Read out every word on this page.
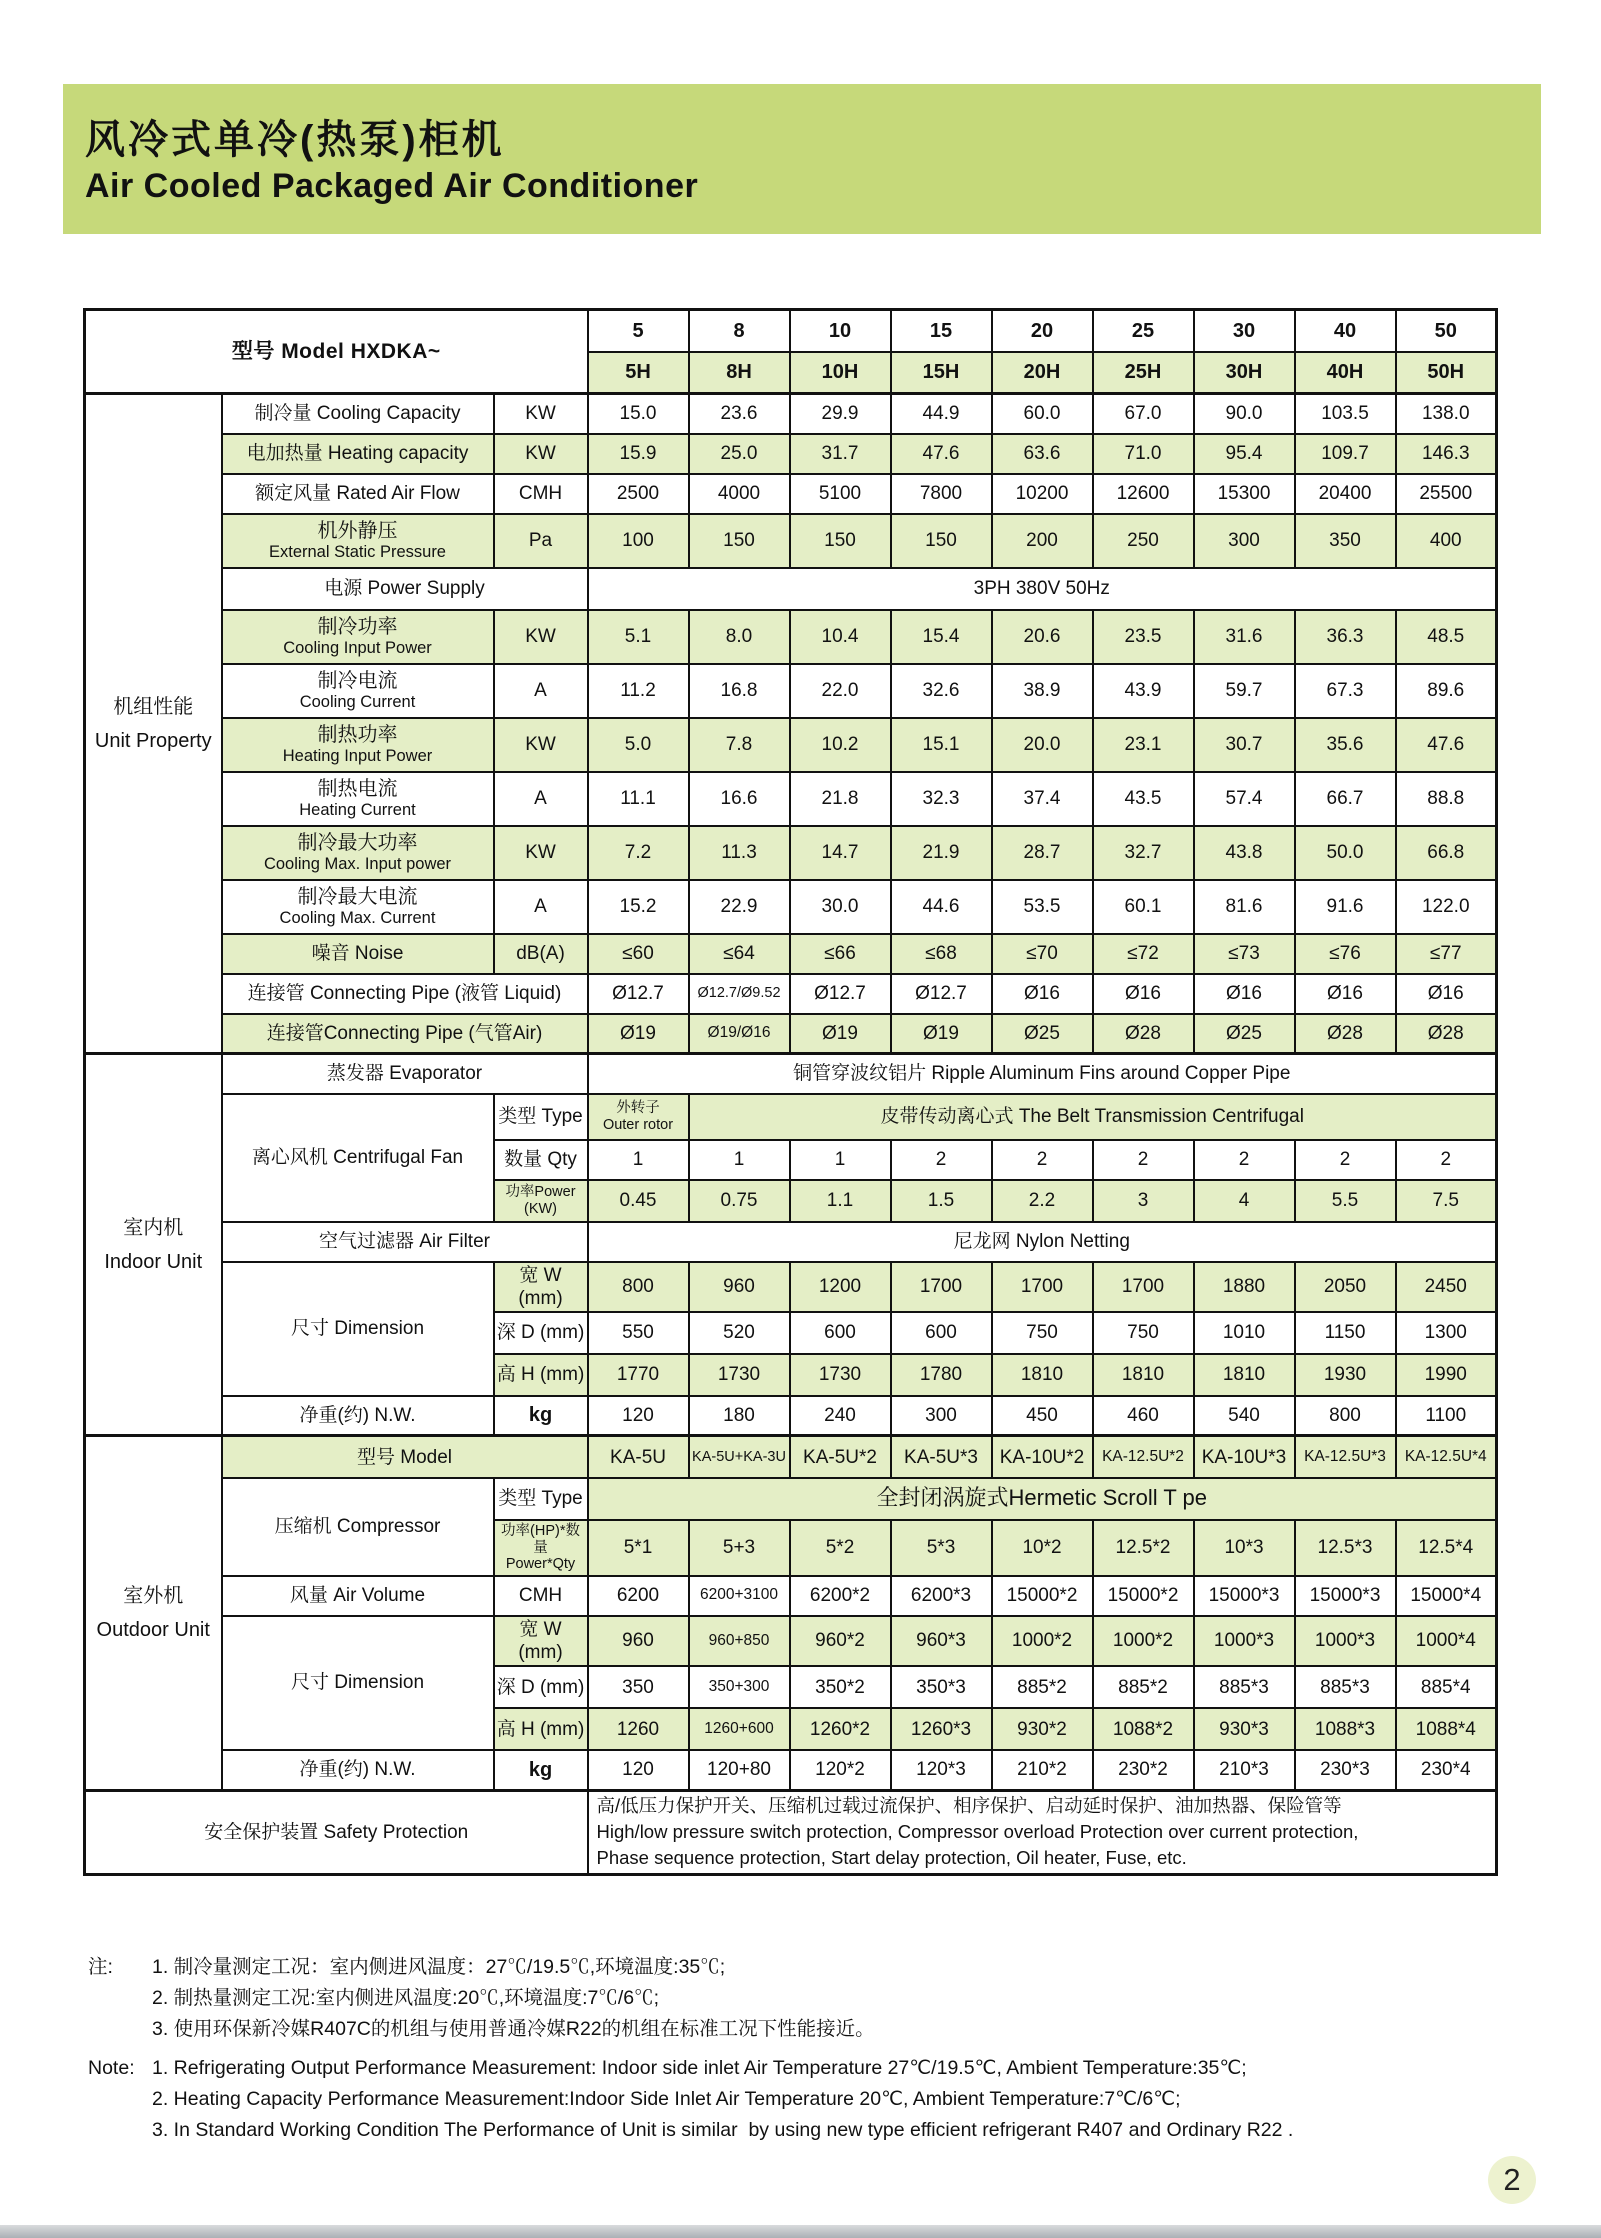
风冷式单冷(热泵)柜机
Air Cooled Packaged Air Conditioner
型号 Model HXDKA~			5	8	10	15	20	25	30	40	50

			5H	8H	10H	15H	20H	25H	30H	40H	50H

机组性能
Unit Property	制冷量 Cooling Capacity	KW	15.0	23.6	29.9	44.9	60.0	67.0	90.0	103.5	138.0

	电加热量 Heating capacity	KW	15.9	25.0	31.7	47.6	63.6	71.0	95.4	109.7	146.3

	额定风量 Rated Air Flow	CMH	2500	4000	5100	7800	10200	12600	15300	20400	25500

	机外静压
External Static Pressure	Pa	100	150	150	150	200	250	300	350	400

	电源 Power Supply		3PH 380V 50Hz								

	制冷功率
Cooling Input Power	KW	5.1	8.0	10.4	15.4	20.6	23.5	31.6	36.3	48.5

	制冷电流
Cooling Current	A	11.2	16.8	22.0	32.6	38.9	43.9	59.7	67.3	89.6

	制热功率
Heating Input Power	KW	5.0	7.8	10.2	15.1	20.0	23.1	30.7	35.6	47.6

	制热电流
Heating Current	A	11.1	16.6	21.8	32.3	37.4	43.5	57.4	66.7	88.8

	制冷最大功率
Cooling Max. Input power	KW	7.2	11.3	14.7	21.9	28.7	32.7	43.8	50.0	66.8

	制冷最大电流
Cooling Max. Current	A	15.2	22.9	30.0	44.6	53.5	60.1	81.6	91.6	122.0

	噪音 Noise	dB(A)	≤60	≤64	≤66	≤68	≤70	≤72	≤73	≤76	≤77

	连接管 Connecting Pipe (液管 Liquid)		Ø12.7	Ø12.7/Ø9.52	Ø12.7	Ø12.7	Ø16	Ø16	Ø16	Ø16	Ø16

	连接管Connecting Pipe (气管Air)		Ø19	Ø19/Ø16	Ø19	Ø19	Ø25	Ø28	Ø25	Ø28	Ø28

室内机
Indoor Unit	蒸发器 Evaporator		铜管穿波纹铝片 Ripple Aluminum Fins around Copper Pipe								

	离心风机 Centrifugal Fan	类型 Type	外转子
Outer rotor	皮带传动离心式 The Belt Transmission Centrifugal							

		数量 Qty	1	1	1	2	2	2	2	2	2

		功率Power (KW)	0.45	0.75	1.1	1.5	2.2	3	4	5.5	7.5

	空气过滤器 Air Filter		尼龙网 Nylon Netting								

	尺寸 Dimension	宽 W (mm)	800	960	1200	1700	1700	1700	1880	2050	2450

		深 D (mm)	550	520	600	600	750	750	1010	1150	1300

		高 H (mm)	1770	1730	1730	1780	1810	1810	1810	1930	1990

	净重(约) N.W.	kg	120	180	240	300	450	460	540	800	1100

室外机
Outdoor Unit	型号 Model		KA-5U	KA-5U+KA-3U	KA-5U*2	KA-5U*3	KA-10U*2	KA-12.5U*2	KA-10U*3	KA-12.5U*3	KA-12.5U*4

	压缩机 Compressor	类型 Type	全封闭涡旋式Hermetic Scroll T pe								

		功率(HP)*数量
Power*Qty	5*1	5+3	5*2	5*3	10*2	12.5*2	10*3	12.5*3	12.5*4

	风量 Air Volume	CMH	6200	6200+3100	6200*2	6200*3	15000*2	15000*2	15000*3	15000*3	15000*4

	尺寸 Dimension	宽 W (mm)	960	960+850	960*2	960*3	1000*2	1000*2	1000*3	1000*3	1000*4

		深 D (mm)	350	350+300	350*2	350*3	885*2	885*2	885*3	885*3	885*4

		高 H (mm)	1260	1260+600	1260*2	1260*3	930*2	1088*2	930*3	1088*3	1088*4

	净重(约) N.W.	kg	120	120+80	120*2	120*3	210*2	230*2	210*3	230*3	230*4

安全保护装置 Safety Protection			高/低压力保护开关、压缩机过载过流保护、相序保护、启动延时保护、油加热器、保险管等
High/low pressure switch protection, Compressor overload Protection over current protection,
Phase sequence protection, Start delay protection, Oil heater, Fuse, etc.								
注:	1. 制冷量测定工况：室内侧进风温度：27℃/19.5℃,环境温度:35℃;
2. 制热量测定工况:室内侧进风温度:20℃,环境温度:7℃/6℃;
3. 使用环保新冷媒R407C的机组与使用普通冷媒R22的机组在标准工况下性能接近。
Note: 1. Refrigerating Output Performance Measurement: Indoor side inlet Air Temperature 27℃/19.5℃, Ambient Temperature:35℃;
2. Heating Capacity Performance Measurement:Indoor Side Inlet Air Temperature 20℃, Ambient Temperature:7℃/6℃;
3. In Standard Working Condition The Performance of Unit is similar  by using new type efficient refrigerant R407 and Ordinary R22 .
2
